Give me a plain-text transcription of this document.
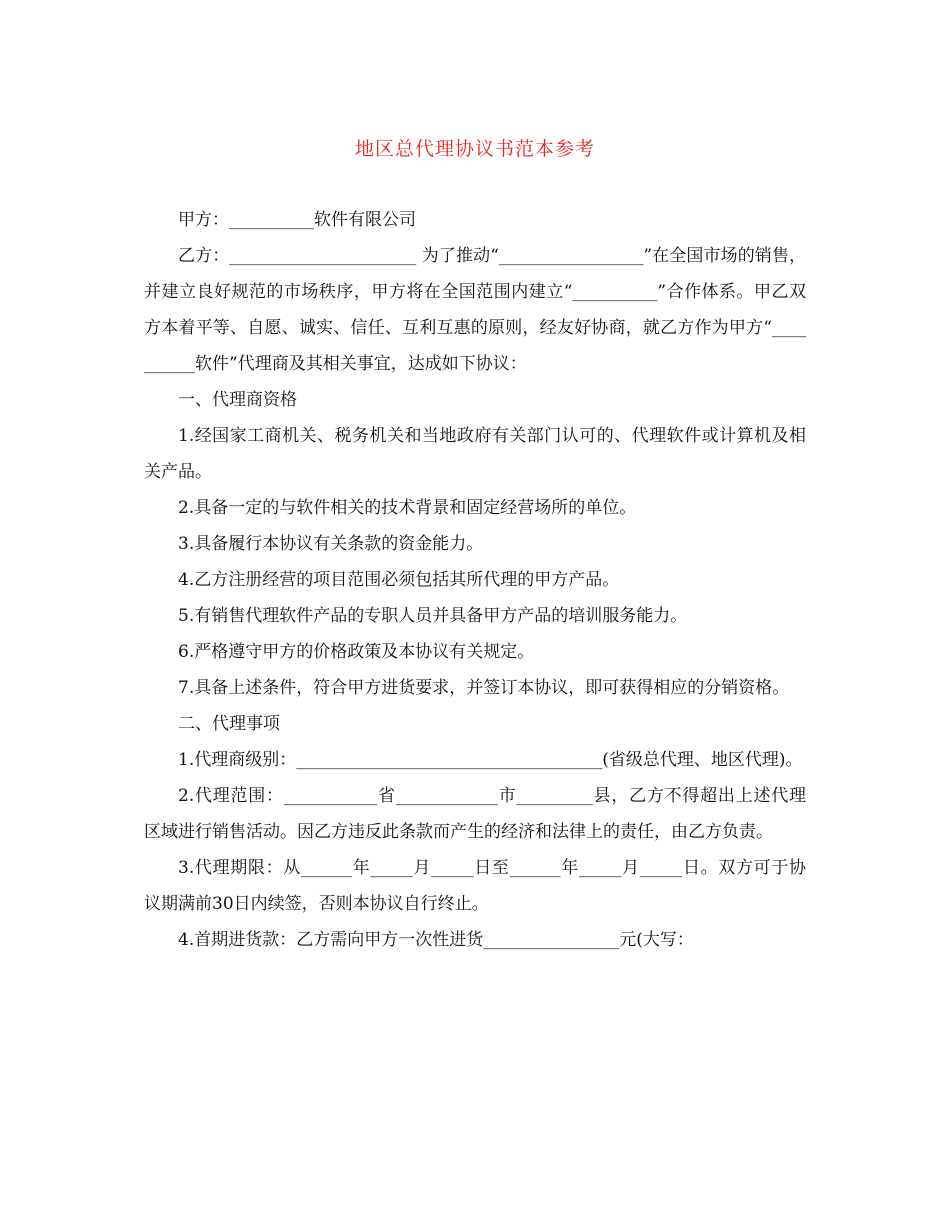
地区总代理协议书范本参考

甲方：__________软件有限公司

乙方：______________________ 为了推动“_________________”在全国市场的销售，并建立良好规范的市场秩序，甲方将在全国范围内建立“__________”合作体系。甲乙双方本着平等、自愿、诚实、信任、互利互惠的原则，经友好协商，就乙方作为甲方“__________软件”代理商及其相关事宜，达成如下协议：

一、代理商资格

1.经国家工商机关、税务机关和当地政府有关部门认可的、代理软件或计算机及相关产品。

2.具备一定的与软件相关的技术背景和固定经营场所的单位。

3.具备履行本协议有关条款的资金能力。

4.乙方注册经营的项目范围必须包括其所代理的甲方产品。

5.有销售代理软件产品的专职人员并具备甲方产品的培训服务能力。

6.严格遵守甲方的价格政策及本协议有关规定。

7.具备上述条件，符合甲方进货要求，并签订本协议，即可获得相应的分销资格。

二、代理事项

1.代理商级别：____________________________________(省级总代理、地区代理)。

2.代理范围：___________省____________市_________县，乙方不得超出上述代理区域进行销售活动。因乙方违反此条款而产生的经济和法律上的责任，由乙方负责。

3.代理期限：从______年_____月_____日至______年_____月_____日。双方可于协议期满前30日内续签，否则本协议自行终止。

4.首期进货款：乙方需向甲方一次性进货________________元(大写：
